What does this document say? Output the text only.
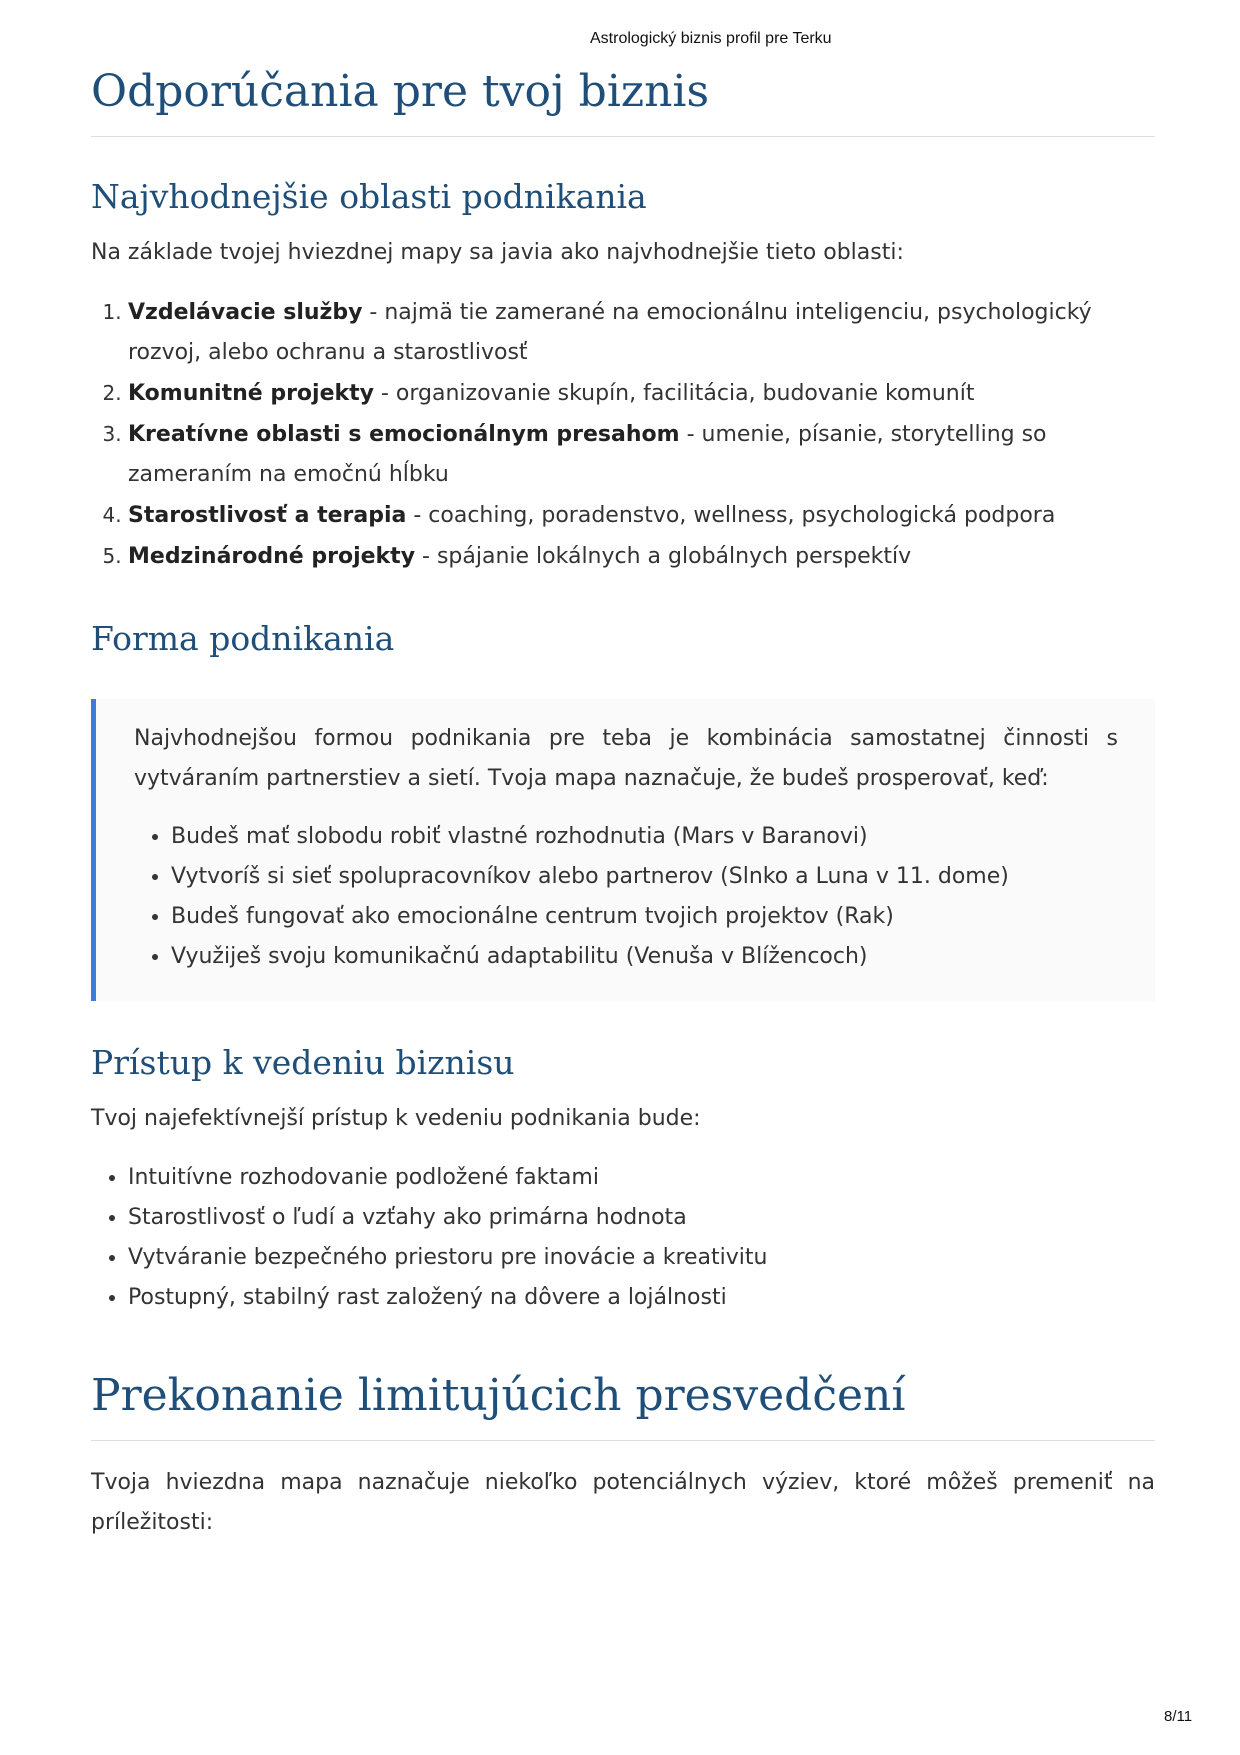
Astrologický biznis profil pre Terku
Odporúčania pre tvoj biznis
Najvhodnejšie oblasti podnikania

Na základe tvojej hviezdnej mapy sa javia ako najvhodnejšie tieto oblasti:

1. Vzdelávacie služby - najmä tie zamerané na emocionálnu inteligenciu, psychologický rozvoj, alebo ochranu a starostlivosť
2. Komunitné projekty - organizovanie skupín, facilitácia, budovanie komunít
3. Kreatívne oblasti s emocionálnym presahom - umenie, písanie, storytelling so zameraním na emočnú hĺbku
4. Starostlivosť a terapia - coaching, poradenstvo, wellness, psychologická podpora
5. Medzinárodné projekty - spájanie lokálnych a globálnych perspektív
Forma podnikania

Najvhodnejšou formou podnikania pre teba je kombinácia samostatnej činnosti s vytváraním partnerstiev a sietí. Tvoja mapa naznačuje, že budeš prosperovať, keď:

• Budeš mať slobodu robiť vlastné rozhodnutia (Mars v Baranovi)
• Vytvoríš si sieť spolupracovníkov alebo partnerov (Slnko a Luna v 11. dome)
• Budeš fungovať ako emocionálne centrum tvojich projektov (Rak)
• Využiješ svoju komunikačnú adaptabilitu (Venuša v Blížencoch)
Prístup k vedeniu biznisu

Tvoj najefektívnejší prístup k vedeniu podnikania bude:

• Intuitívne rozhodovanie podložené faktami
• Starostlivosť o ľudí a vzťahy ako primárna hodnota
• Vytváranie bezpečného priestoru pre inovácie a kreativitu
• Postupný, stabilný rast založený na dôvere a lojálnosti
Prekonanie limitujúcich presvedčení

Tvoja hviezdna mapa naznačuje niekoľko potenciálnych výziev, ktoré môžeš premeniť na príležitosti:

8/11
